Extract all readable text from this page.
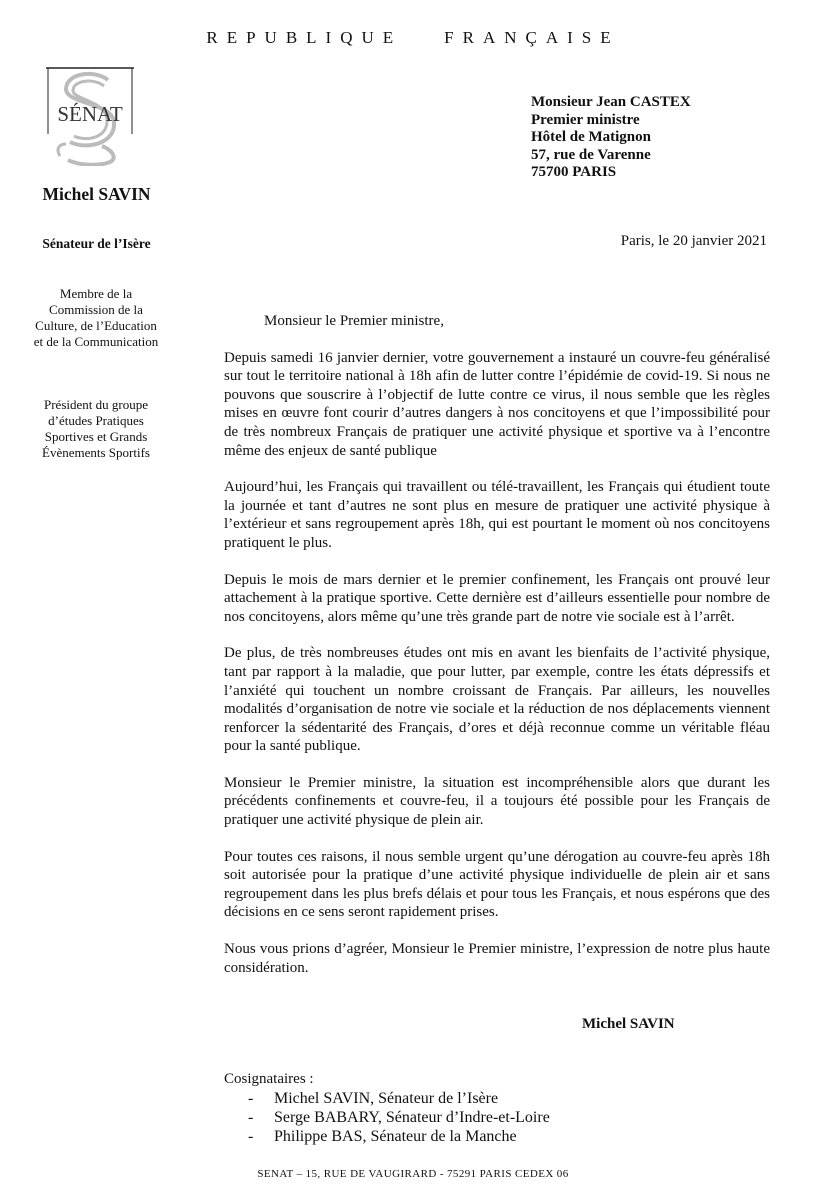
REPUBLIQUE FRANÇAISE
SÉNAT
Michel SAVIN
Sénateur de l’Isère
Membre de la Commission de la Culture, de l’Education et de la Communication
Président du groupe d’études Pratiques Sportives et Grands Évènements Sportifs
Monsieur Jean CASTEX
Premier ministre
Hôtel de Matignon
57, rue de Varenne
75700 PARIS
Paris, le 20 janvier 2021

Monsieur le Premier ministre,

Depuis samedi 16 janvier dernier, votre gouvernement a instauré un couvre-feu généralisé sur tout le territoire national à 18h afin de lutter contre l’épidémie de covid-19. Si nous ne pouvons que souscrire à l’objectif de lutte contre ce virus, il nous semble que les règles mises en œuvre font courir d’autres dangers à nos concitoyens et que l’impossibilité pour de très nombreux Français de pratiquer une activité physique et sportive va à l’encontre même des enjeux de santé publique

Aujourd’hui, les Français qui travaillent ou télé-travaillent, les Français qui étudient toute la journée et tant d’autres ne sont plus en mesure de pratiquer une activité physique à l’extérieur et sans regroupement après 18h, qui est pourtant le moment où nos concitoyens pratiquent le plus.

Depuis le mois de mars dernier et le premier confinement, les Français ont prouvé leur attachement à la pratique sportive. Cette dernière est d’ailleurs essentielle pour nombre de nos concitoyens, alors même qu’une très grande part de notre vie sociale est à l’arrêt.

De plus, de très nombreuses études ont mis en avant les bienfaits de l’activité physique, tant par rapport à la maladie, que pour lutter, par exemple, contre les états dépressifs et l’anxiété qui touchent un nombre croissant de Français. Par ailleurs, les nouvelles modalités d’organisation de notre vie sociale et la réduction de nos déplacements viennent renforcer la sédentarité des Français, d’ores et déjà reconnue comme un véritable fléau pour la santé publique.

Monsieur le Premier ministre, la situation est incompréhensible alors que durant les précédents confinements et couvre-feu, il a toujours été possible pour les Français de pratiquer une activité physique de plein air.

Pour toutes ces raisons, il nous semble urgent qu’une dérogation au couvre-feu après 18h soit autorisée pour la pratique d’une activité physique individuelle de plein air et sans regroupement dans les plus brefs délais et pour tous les Français, et nous espérons que des décisions en ce sens seront rapidement prises.

Nous vous prions d’agréer, Monsieur le Premier ministre, l’expression de notre plus haute considération.

Michel SAVIN
Cosignataires :
- Michel SAVIN, Sénateur de l’Isère
- Serge BABARY, Sénateur d’Indre-et-Loire
- Philippe BAS, Sénateur de la Manche
SENAT – 15, RUE DE VAUGIRARD - 75291 PARIS CEDEX 06
